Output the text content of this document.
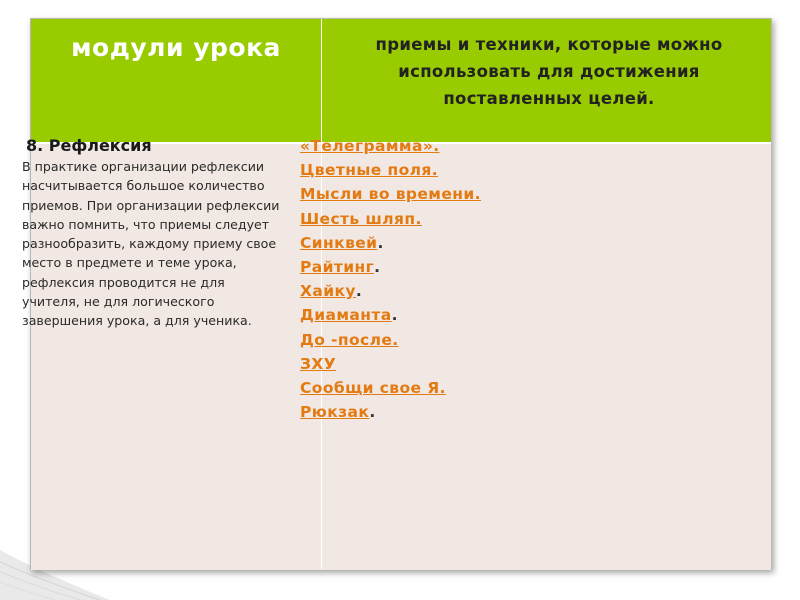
модули урока	приемы и техники, которые можно использовать для достижения поставленных целей.
8. Рефлексия
В практике организации рефлексии насчитывается большое количество приемов. При организации рефлексии важно помнить, что приемы следует разнообразить, каждому приему свое место в предмете и теме урока, рефлексия проводится не для учителя, не для логического завершения урока, а для ученика.
«Телеграмма».
Цветные поля.
Мысли во времени.
Шесть шляп.
Синквей.
Райтинг.
Хайку.
Диаманта.
До -после.
ЗХУ
Сообщи свое Я.
Рюкзак.
